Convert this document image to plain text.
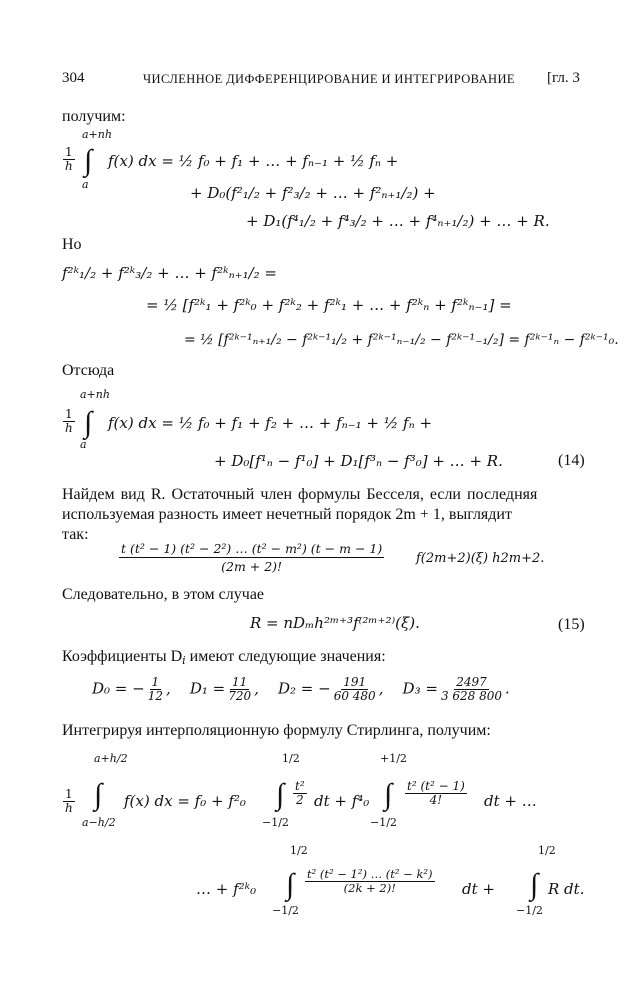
304	ЧИСЛЕННОЕ ДИФФЕРЕНЦИРОВАНИЕ И ИНТЕГРИРОВАНИЕ [гл. 3
получим:
a+nh
$\frac{1}{h}$ ∫
a
f(x) dx = ½ f₀ + f₁ + … + fₙ₋₁ + ½ fₙ +
+ D₀(f²₁/₂ + f²₃/₂ + … + f²ₙ₊₁/₂) +
+ D₁(f⁴₁/₂ + f⁴₃/₂ + … + f⁴ₙ₊₁/₂) + … + R.
Но
f²ᵏ₁/₂ + f²ᵏ₃/₂ + … + f²ᵏₙ₊₁/₂ =
= ½ [f²ᵏ₁ + f²ᵏ₀ + f²ᵏ₂ + f²ᵏ₁ + … + f²ᵏₙ + f²ᵏₙ₋₁] =
= ½ [f²ᵏ⁻¹ₙ₊₁/₂ − f²ᵏ⁻¹₁/₂ + f²ᵏ⁻¹ₙ₋₁/₂ − f²ᵏ⁻¹₋₁/₂] = f²ᵏ⁻¹ₙ − f²ᵏ⁻¹₀.
Отсюда
a+nh
$\frac{1}{h}$ ∫
a
f(x) dx = ½ f₀ + f₁ + f₂ + … + fₙ₋₁ + ½ fₙ +
+ D₀[f¹ₙ − f¹₀] + D₁[f³ₙ − f³₀] + … + R.	(14)
Найдем вид R. Остаточный член формулы Бесселя, если последняя
используемая разность имеет нечетный порядок 2m + 1, выглядит
так:
$\frac{\text{t (t² − 1) (t² − 2²) … (t² − m²) (t − m − 1)}}{(2m + 2)!} f(2m+2)(\xi)$ h2m+2.
Следовательно, в этом случае
R = nDₘh²ᵐ⁺³f⁽²ᵐ⁺²⁾(ξ).	(15)
Коэффициенты Di имеют следующие значения:
D₀ = − $\frac{1}{12}$ ,    $D_1 = \frac{11}{720}$ ,    D₂ = − $\frac{191}{60 480}$ ,    $D_3 = \frac{2497}{3 628 800}$ .
Интегрируя интерполяционную формулу Стирлинга, получим:
a+h/2
$\frac{1}{h}$ ∫
a−h/2
f(x) dx = f₀ + f²₀
1/2
∫
−1/2
$\frac{\text{t²}}{2}$ dt + f⁴₀
+1/2
∫
−1/2
$\frac{\text{t² (t² − 1)}}{4!}$ dt + …
… + f²ᵏ₀
1/2
∫
−1/2
$\frac{\text{t² (t² − 1²) … (t² − k²)}}{(2k + 2)!}$ dt +
1/2
∫
−1/2
R dt.
